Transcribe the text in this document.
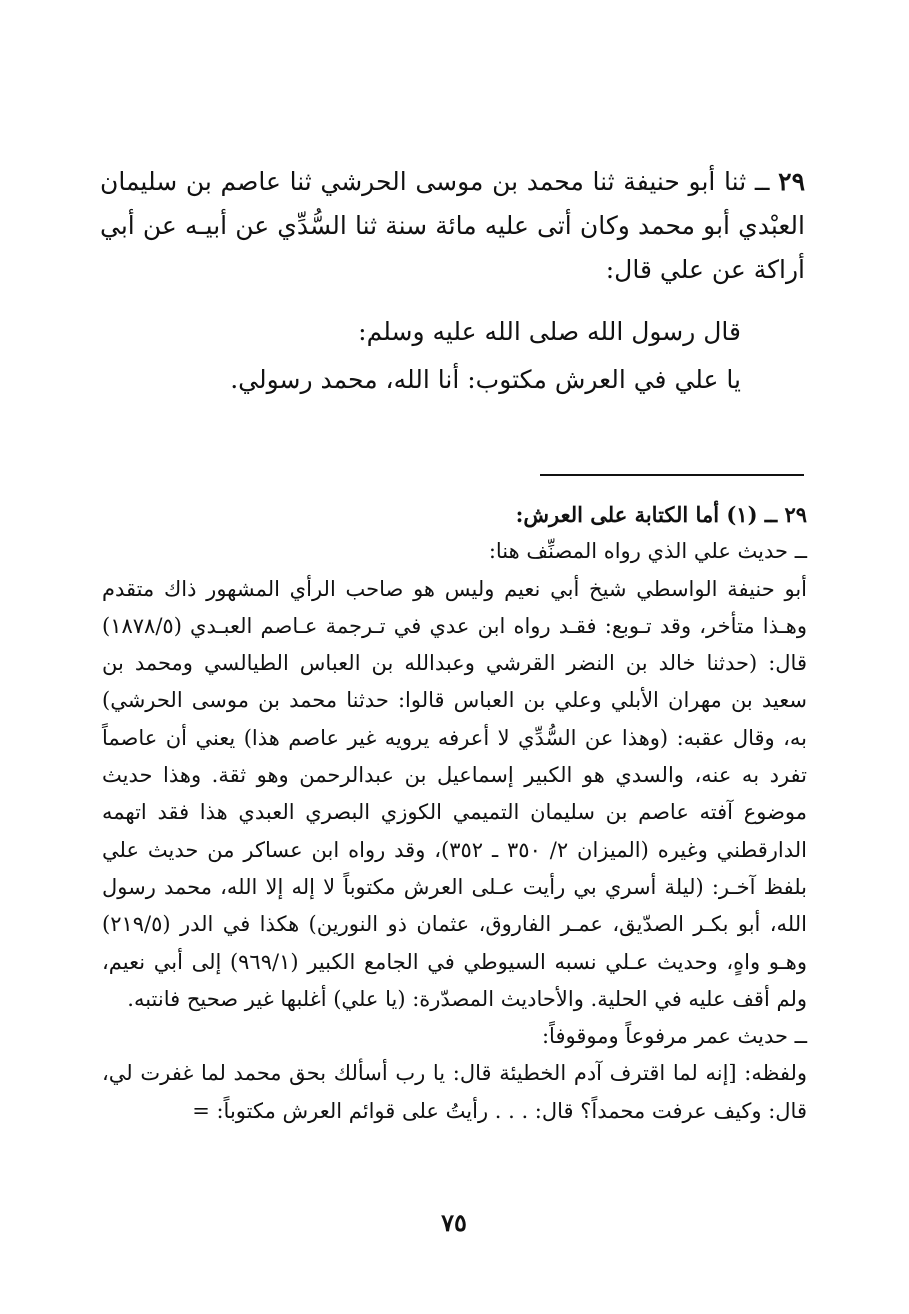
٢٩ ــ ثنا أبو حنيفة ثنا محمد بن موسى الحرشي ثنا عاصم بن سليمان العبْدي أبو محمد وكان أتى عليه مائة سنة ثنا السُّدِّي عن أبيـه عن أبي أراكة عن علي قال:

قال رسول الله صلى الله عليه وسلم:
يا علي في العرش مكتوب: أنا الله، محمد رسولي.

٢٩ ــ (١) أما الكتابة على العرش:

ــ حديث علي الذي رواه المصنِّف هنا:

أبو حنيفة الواسطي شيخ أبي نعيم وليس هو صاحب الرأي المشهور ذاك متقدم وهـذا متأخر، وقد تـوبع: فقـد رواه ابن عدي في تـرجمة عـاصم العبـدي (١٨٧٨/٥) قال: (حدثنا خالد بن النضر القرشي وعبدالله بن العباس الطيالسي ومحمد بن سعيد بن مهران الأبلي وعلي بن العباس قالوا: حدثنا محمد بن موسى الحرشي) به، وقال عقبه: (وهذا عن السُّدِّي لا أعرفه يرويه غير عاصم هذا) يعني أن عاصماً تفرد به عنه، والسدي هو الكبير إسماعيل بن عبدالرحمن وهو ثقة. وهذا حديث موضوع آفته عاصم بن سليمان التميمي الكوزي البصري العبدي هذا فقد اتهمه الدارقطني وغيره (الميزان ٢/ ٣٥٠ ـ ٣٥٢)، وقد رواه ابن عساكر من حديث علي بلفظ آخـر: (ليلة أسري بي رأيت عـلى العرش مكتوباً لا إله إلا الله، محمد رسول الله، أبو بكـر الصدّيق، عمـر الفاروق، عثمان ذو النورين) هكذا في الدر (٢١٩/٥) وهـو واهٍ، وحديث عـلي نسبه السيوطي في الجامع الكبير (٩٦٩/١) إلى أبي نعيم، ولم أقف عليه في الحلية. والأحاديث المصدّرة: (يا علي) أغلبها غير صحيح فانتبه.

ــ حديث عمر مرفوعاً وموقوفاً:

ولفظه: [إنه لما اقترف آدم الخطيئة قال: يا رب أسألك بحق محمد لما غفرت لي، قال: وكيف عرفت محمداً؟ قال: . . . رأيتُ على قوائم العرش مكتوباً: =

٧٥
